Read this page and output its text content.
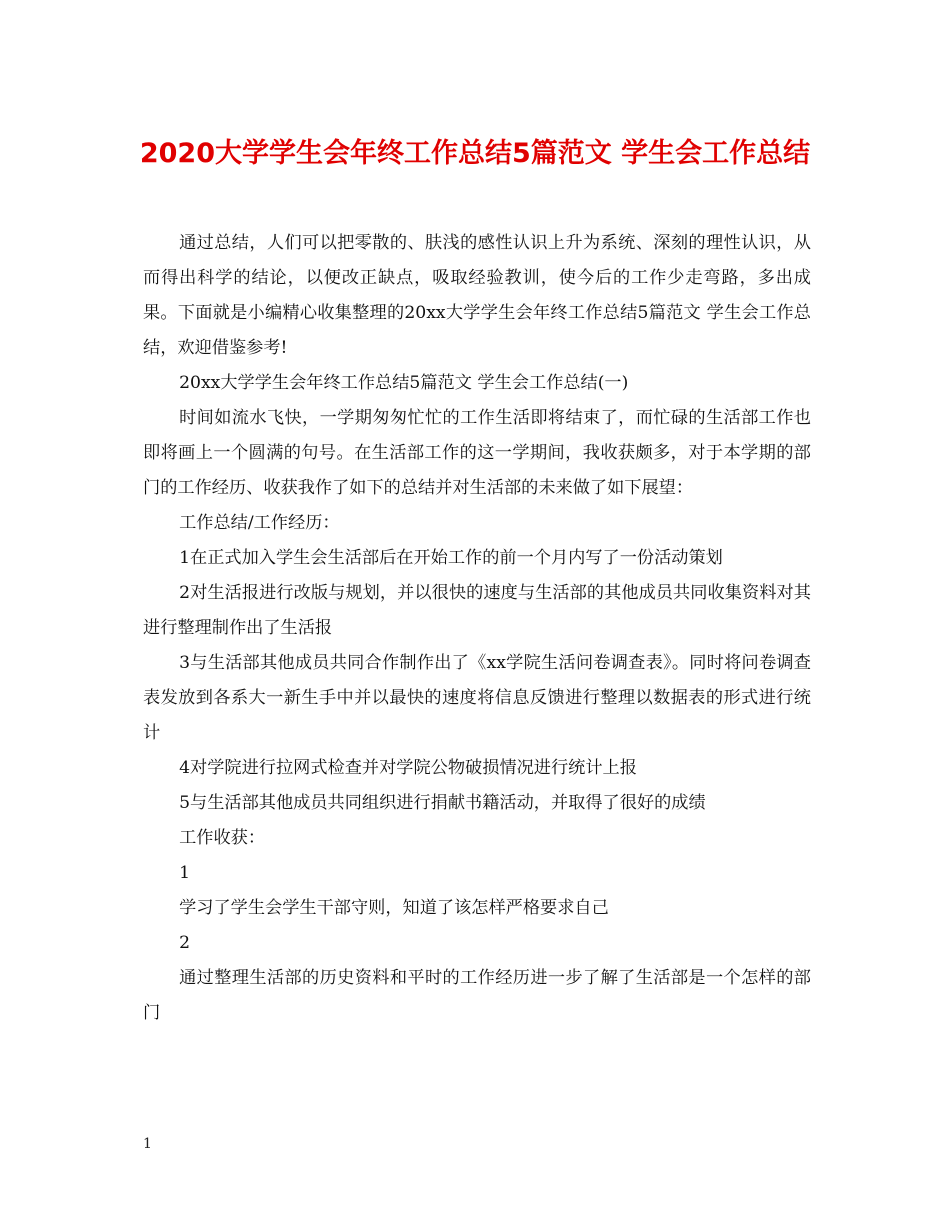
2020大学学生会年终工作总结5篇范文 学生会工作总结

通过总结，人们可以把零散的、肤浅的感性认识上升为系统、深刻的理性认识，从而得出科学的结论，以便改正缺点，吸取经验教训，使今后的工作少走弯路，多出成果。下面就是小编精心收集整理的20xx大学学生会年终工作总结5篇范文 学生会工作总结，欢迎借鉴参考!

20xx大学学生会年终工作总结5篇范文 学生会工作总结(一)

时间如流水飞快，一学期匆匆忙忙的工作生活即将结束了，而忙碌的生活部工作也即将画上一个圆满的句号。在生活部工作的这一学期间，我收获颇多，对于本学期的部门的工作经历、收获我作了如下的总结并对生活部的未来做了如下展望：

工作总结/工作经历：

1在正式加入学生会生活部后在开始工作的前一个月内写了一份活动策划

2对生活报进行改版与规划，并以很快的速度与生活部的其他成员共同收集资料对其进行整理制作出了生活报

3与生活部其他成员共同合作制作出了《xx学院生活问卷调查表》。同时将问卷调查表发放到各系大一新生手中并以最快的速度将信息反馈进行整理以数据表的形式进行统计

4对学院进行拉网式检查并对学院公物破损情况进行统计上报

5与生活部其他成员共同组织进行捐献书籍活动，并取得了很好的成绩

工作收获：

1

学习了学生会学生干部守则，知道了该怎样严格要求自己

2

通过整理生活部的历史资料和平时的工作经历进一步了解了生活部是一个怎样的部门

1
